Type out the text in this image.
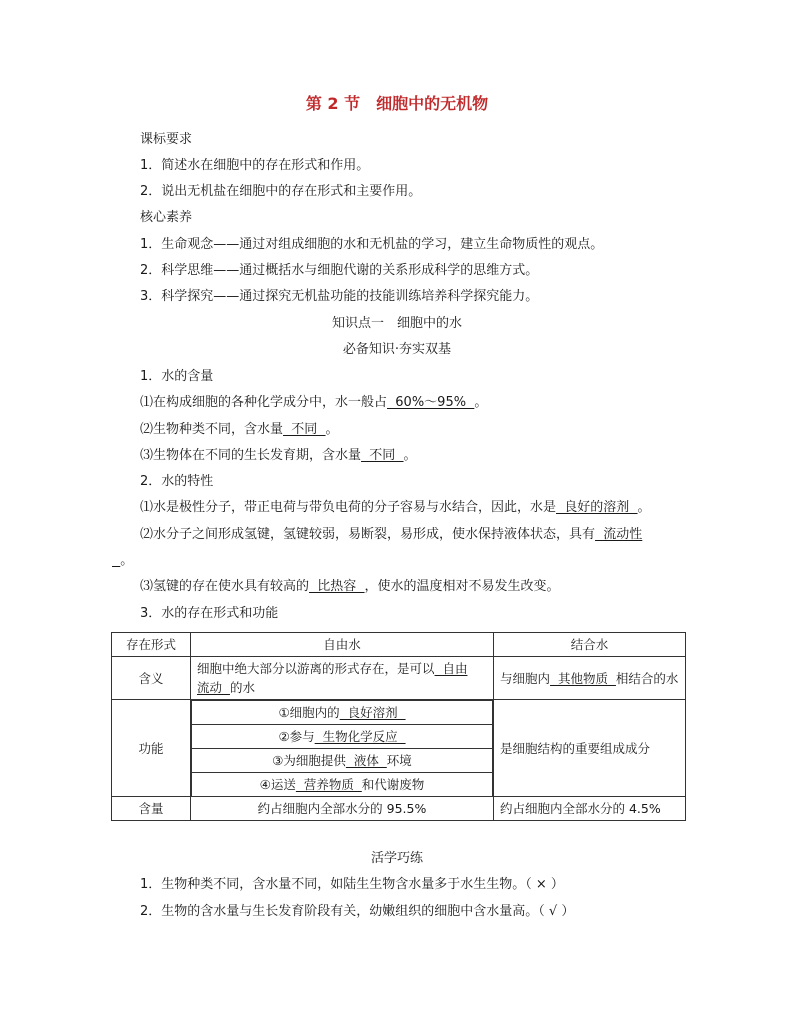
第 2 节　细胞中的无机物
课标要求
1．简述水在细胞中的存在形式和作用。
2．说出无机盐在细胞中的存在形式和主要作用。
核心素养
1．生命观念——通过对组成细胞的水和无机盐的学习，建立生命物质性的观点。
2．科学思维——通过概括水与细胞代谢的关系形成科学的思维方式。
3．科学探究——通过探究无机盐功能的技能训练培养科学探究能力。
知识点一　细胞中的水
必备知识·夯实双基
1．水的含量
⑴在构成细胞的各种化学成分中，水一般占  60%～95%  。
⑵生物种类不同，含水量  不同  。
⑶生物体在不同的生长发育期，含水量  不同  。
2．水的特性
⑴水是极性分子，带正电荷与带负电荷的分子容易与水结合，因此，水是  良好的溶剂  。
⑵水分子之间形成氢键，氢键较弱，易断裂，易形成，使水保持液体状态，具有  流动性
。
⑶氢键的存在使水具有较高的  比热容  ，使水的温度相对不易发生改变。
3．水的存在形式和功能
存在形式	自由水	结合水
含义	细胞中绝大部分以游离的形式存在，是可以  自由
流动  的水	与细胞内  其他物质  相结合的水
功能	
①细胞内的  良好溶剂
②参与  生物化学反应
③为细胞提供  液体  环境
④运送  营养物质  和代谢废物
	是细胞结构的重要组成成分
含量	约占细胞内全部水分的 95.5%	约占细胞内全部水分的 4.5%
活学巧练
1．生物种类不同，含水量不同，如陆生生物含水量多于水生生物。（ × ）
2．生物的含水量与生长发育阶段有关，幼嫩组织的细胞中含水量高。（ √ ）
